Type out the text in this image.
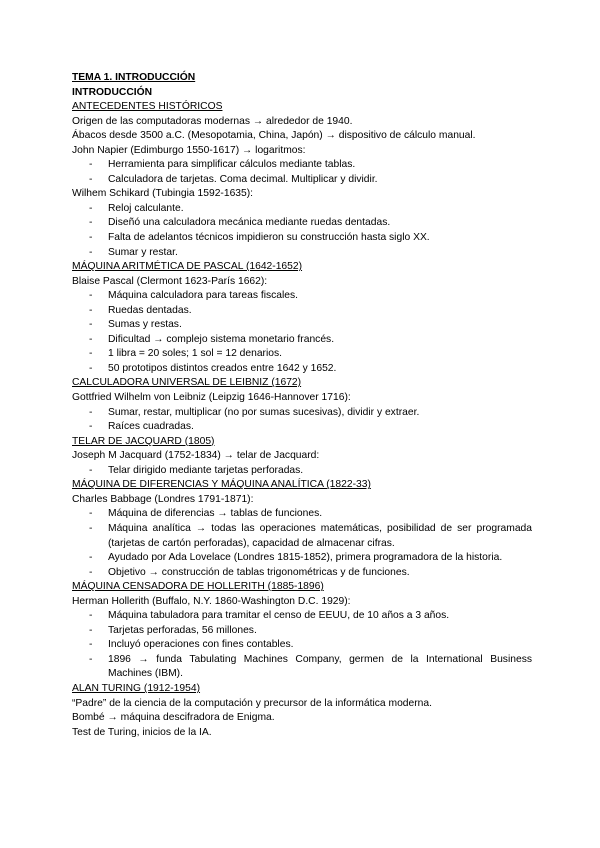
TEMA 1. INTRODUCCIÓN
INTRODUCCIÓN
ANTECEDENTES HISTÓRICOS
Origen de las computadoras modernas → alrededor de 1940.
Ábacos desde 3500 a.C. (Mesopotamia, China, Japón) → dispositivo de cálculo manual.
John Napier (Edimburgo 1550-1617) → logaritmos:
- Herramienta para simplificar cálculos mediante tablas.
- Calculadora de tarjetas. Coma decimal. Multiplicar y dividir.
Wilhem Schikard (Tubingia 1592-1635):
- Reloj calculante.
- Diseñó una calculadora mecánica mediante ruedas dentadas.
- Falta de adelantos técnicos impidieron su construcción hasta siglo XX.
- Sumar y restar.
MÁQUINA ARITMÉTICA DE PASCAL (1642-1652)
Blaise Pascal (Clermont 1623-París 1662):
- Máquina calculadora para tareas fiscales.
- Ruedas dentadas.
- Sumas y restas.
- Dificultad → complejo sistema monetario francés.
- 1 libra = 20 soles; 1 sol = 12 denarios.
- 50 prototipos distintos creados entre 1642 y 1652.
CALCULADORA UNIVERSAL DE LEIBNIZ (1672)
Gottfried Wilhelm von Leibniz (Leipzig 1646-Hannover 1716):
- Sumar, restar, multiplicar (no por sumas sucesivas), dividir y extraer.
- Raíces cuadradas.
TELAR DE JACQUARD (1805)
Joseph M Jacquard (1752-1834) → telar de Jacquard:
- Telar dirigido mediante tarjetas perforadas.
MÁQUINA DE DIFERENCIAS Y MÁQUINA ANALÍTICA (1822-33)
Charles Babbage (Londres 1791-1871):
- Máquina de diferencias → tablas de funciones.
- Máquina analítica → todas las operaciones matemáticas, posibilidad de ser programada (tarjetas de cartón perforadas), capacidad de almacenar cifras.
- Ayudado por Ada Lovelace (Londres 1815-1852), primera programadora de la historia.
- Objetivo → construcción de tablas trigonométricas y de funciones.
MÁQUINA CENSADORA DE HOLLERITH (1885-1896)
Herman Hollerith (Buffalo, N.Y. 1860-Washington D.C. 1929):
- Máquina tabuladora para tramitar el censo de EEUU, de 10 años a 3 años.
- Tarjetas perforadas, 56 millones.
- Incluyó operaciones con fines contables.
- 1896 → funda Tabulating Machines Company, germen de la International Business Machines (IBM).
ALAN TURING (1912-1954)
“Padre” de la ciencia de la computación y precursor de la informática moderna.
Bombé → máquina descifradora de Enigma.
Test de Turing, inicios de la IA.
